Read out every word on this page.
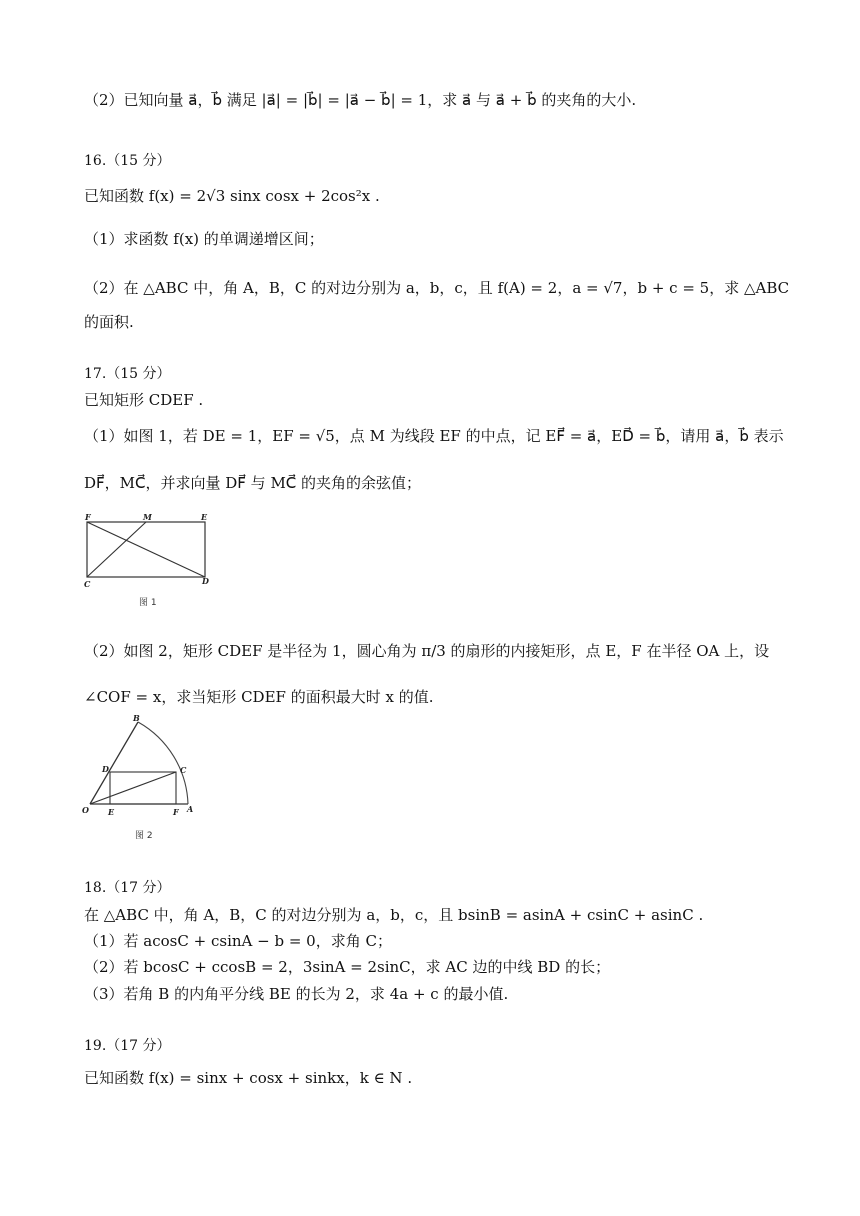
（2）已知向量 a⃗，b⃗ 满足 |a⃗| = |b⃗| = |a⃗ − b⃗| = 1，求 a⃗ 与 a⃗ + b⃗ 的夹角的大小.
16.（15 分）
已知函数 f(x) = 2√3 sinx cosx + 2cos²x .
（1）求函数 f(x) 的单调递增区间；
（2）在 △ABC 中，角 A，B，C 的对边分别为 a，b，c，且 f(A) = 2，a = √7，b + c = 5，求 △ABC
的面积.
17.（15 分）
已知矩形 CDEF .
（1）如图 1，若 DE = 1，EF = √5，点 M 为线段 EF 的中点，记 EF⃗ = a⃗，ED⃗ = b⃗，请用 a⃗，b⃗ 表示
DF⃗，MC⃗，并求向量 DF⃗ 与 MC⃗ 的夹角的余弦值；
F	M	E
C	D
图 1
（2）如图 2，矩形 CDEF 是半径为 1，圆心角为 π/3 的扇形的内接矩形，点 E，F 在半径 OA 上，设
∠COF = x，求当矩形 CDEF 的面积最大时 x 的值.
B
D	C
O E	F A
图 2
18.（17 分）
在 △ABC 中，角 A，B，C 的对边分别为 a，b，c，且 bsinB = asinA + csinC + asinC .
（1）若 acosC + csinA − b = 0，求角 C；
（2）若 bcosC + ccosB = 2，3sinA = 2sinC，求 AC 边的中线 BD 的长；
（3）若角 B 的内角平分线 BE 的长为 2，求 4a + c 的最小值.
19.（17 分）
已知函数 f(x) = sinx + cosx + sinkx，k ∈ N .
